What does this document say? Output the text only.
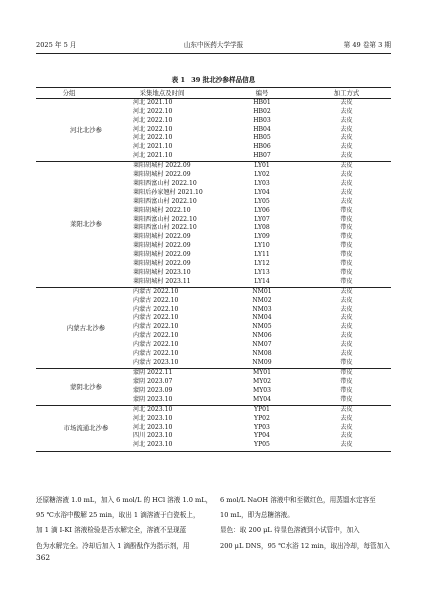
2025 年 5 月	山东中医药大学学报	第 49 卷第 3 期
表 1 39 批北沙参样品信息
分组	采集地点及时间	编号	加工方式
河北 2021.10	HB01	去皮
河北 2022.10	HB02	去皮
河北 2022.10	HB03	去皮
河北 2022.10	HB04	去皮
河北 2022.10	HB05	去皮
河北 2021.10	HB06	去皮
河北 2021.10	HB07	去皮
河北北沙参
莱阳胡城村 2022.09	LY01	去皮
莱阳胡城村 2022.09	LY02	去皮
莱阳西富山村 2022.10	LY03	去皮
莱阳后孙家翘村 2021.10	LY04	去皮
莱阳西富山村 2022.10	LY05	去皮
莱阳胡城村 2022.10	LY06	带皮
莱阳西富山村 2022.10	LY07	带皮
莱阳西富山村 2022.10	LY08	带皮
莱阳胡城村 2022.09	LY09	带皮
莱阳胡城村 2022.09	LY10	带皮
莱阳胡城村 2022.09	LY11	带皮
莱阳胡城村 2022.09	LY12	带皮
莱阳胡城村 2023.10	LY13	带皮
莱阳胡城村 2023.11	LY14	带皮
莱阳北沙参
内蒙古 2022.10	NM01	去皮
内蒙古 2022.10	NM02	去皮
内蒙古 2022.10	NM03	去皮
内蒙古 2022.10	NM04	去皮
内蒙古 2022.10	NM05	去皮
内蒙古 2022.10	NM06	去皮
内蒙古 2022.10	NM07	去皮
内蒙古 2022.10	NM08	去皮
内蒙古 2023.10	NM09	带皮
内蒙古北沙参
蒙阴 2022.11	MY01	带皮
蒙阴 2023.07	MY02	带皮
蒙阴 2023.09	MY03	带皮
蒙阴 2023.10	MY04	带皮
蒙阴北沙参
河北 2023.10	YP01	去皮
河北 2023.10	YP02	去皮
河北 2023.10	YP03	去皮
四川 2023.10	YP04	去皮
河北 2023.10	YP05	去皮
市场流通北沙参
还原糖溶液 1.0 mL，加入 6 mol/L 的 HCl 溶液 1.0 mL，
95 ℃水浴中酸解 25 min，取出 1 滴溶液于白瓷板上，
加 1 滴 I-KI 溶液检验是否水解完全，溶液不呈现蓝
色为水解完全。冷却后加入 1 滴酚酞作为指示剂，用
6 mol/L NaOH 溶液中和至微红色，用蒸馏水定容至
10 mL，即为总糖溶液。
显色：取 200 μL 待显色溶液到小试管中，加入
200 μL DNS，95 ℃水浴 12 min，取出冷却，每管加入
362
